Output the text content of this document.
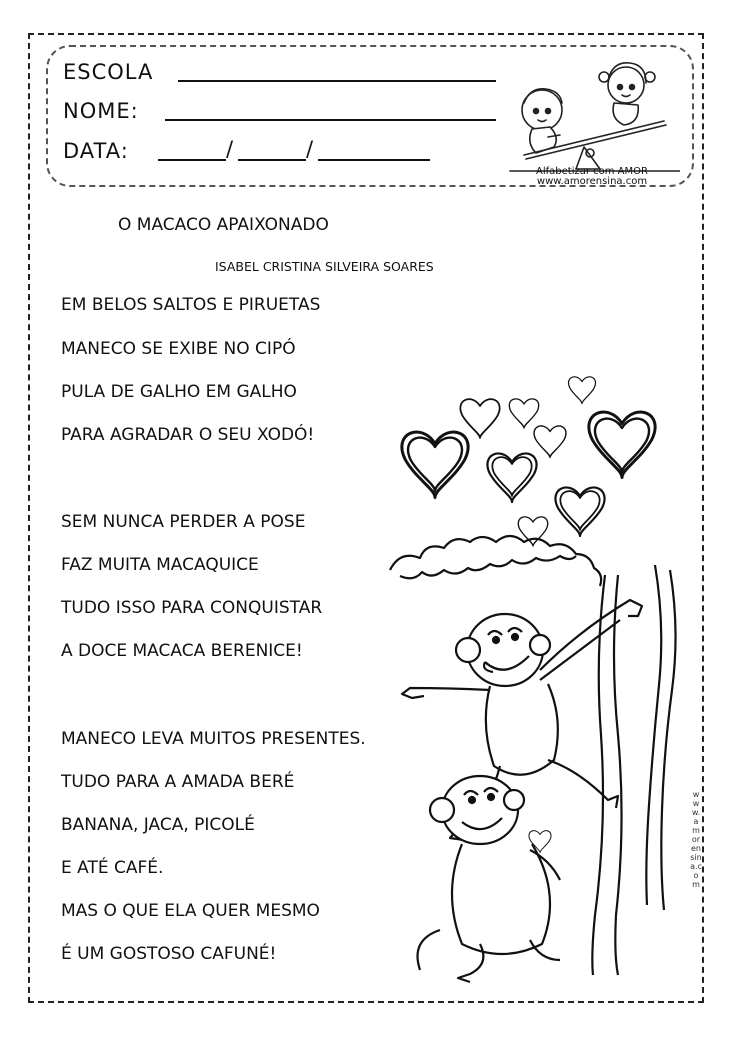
ESCOLA
NOME:
DATA:	/	/
Alfabetizar com AMOR
www.amorensina.com
O MACACO APAIXONADO
ISABEL CRISTINA SILVEIRA SOARES
EM BELOS SALTOS E PIRUETAS
MANECO SE EXIBE NO CIPÓ
PULA DE GALHO EM GALHO
PARA AGRADAR O SEU XODÓ!
SEM NUNCA PERDER A POSE
FAZ MUITA MACAQUICE
TUDO ISSO PARA CONQUISTAR
A DOCE MACACA BERENICE!
MANECO LEVA MUITOS PRESENTES.
TUDO PARA A AMADA BERÉ
BANANA, JACA, PICOLÉ
E ATÉ CAFÉ.
MAS O QUE ELA QUER MESMO
É UM GOSTOSO CAFUNÉ!
www.amorensina.com
